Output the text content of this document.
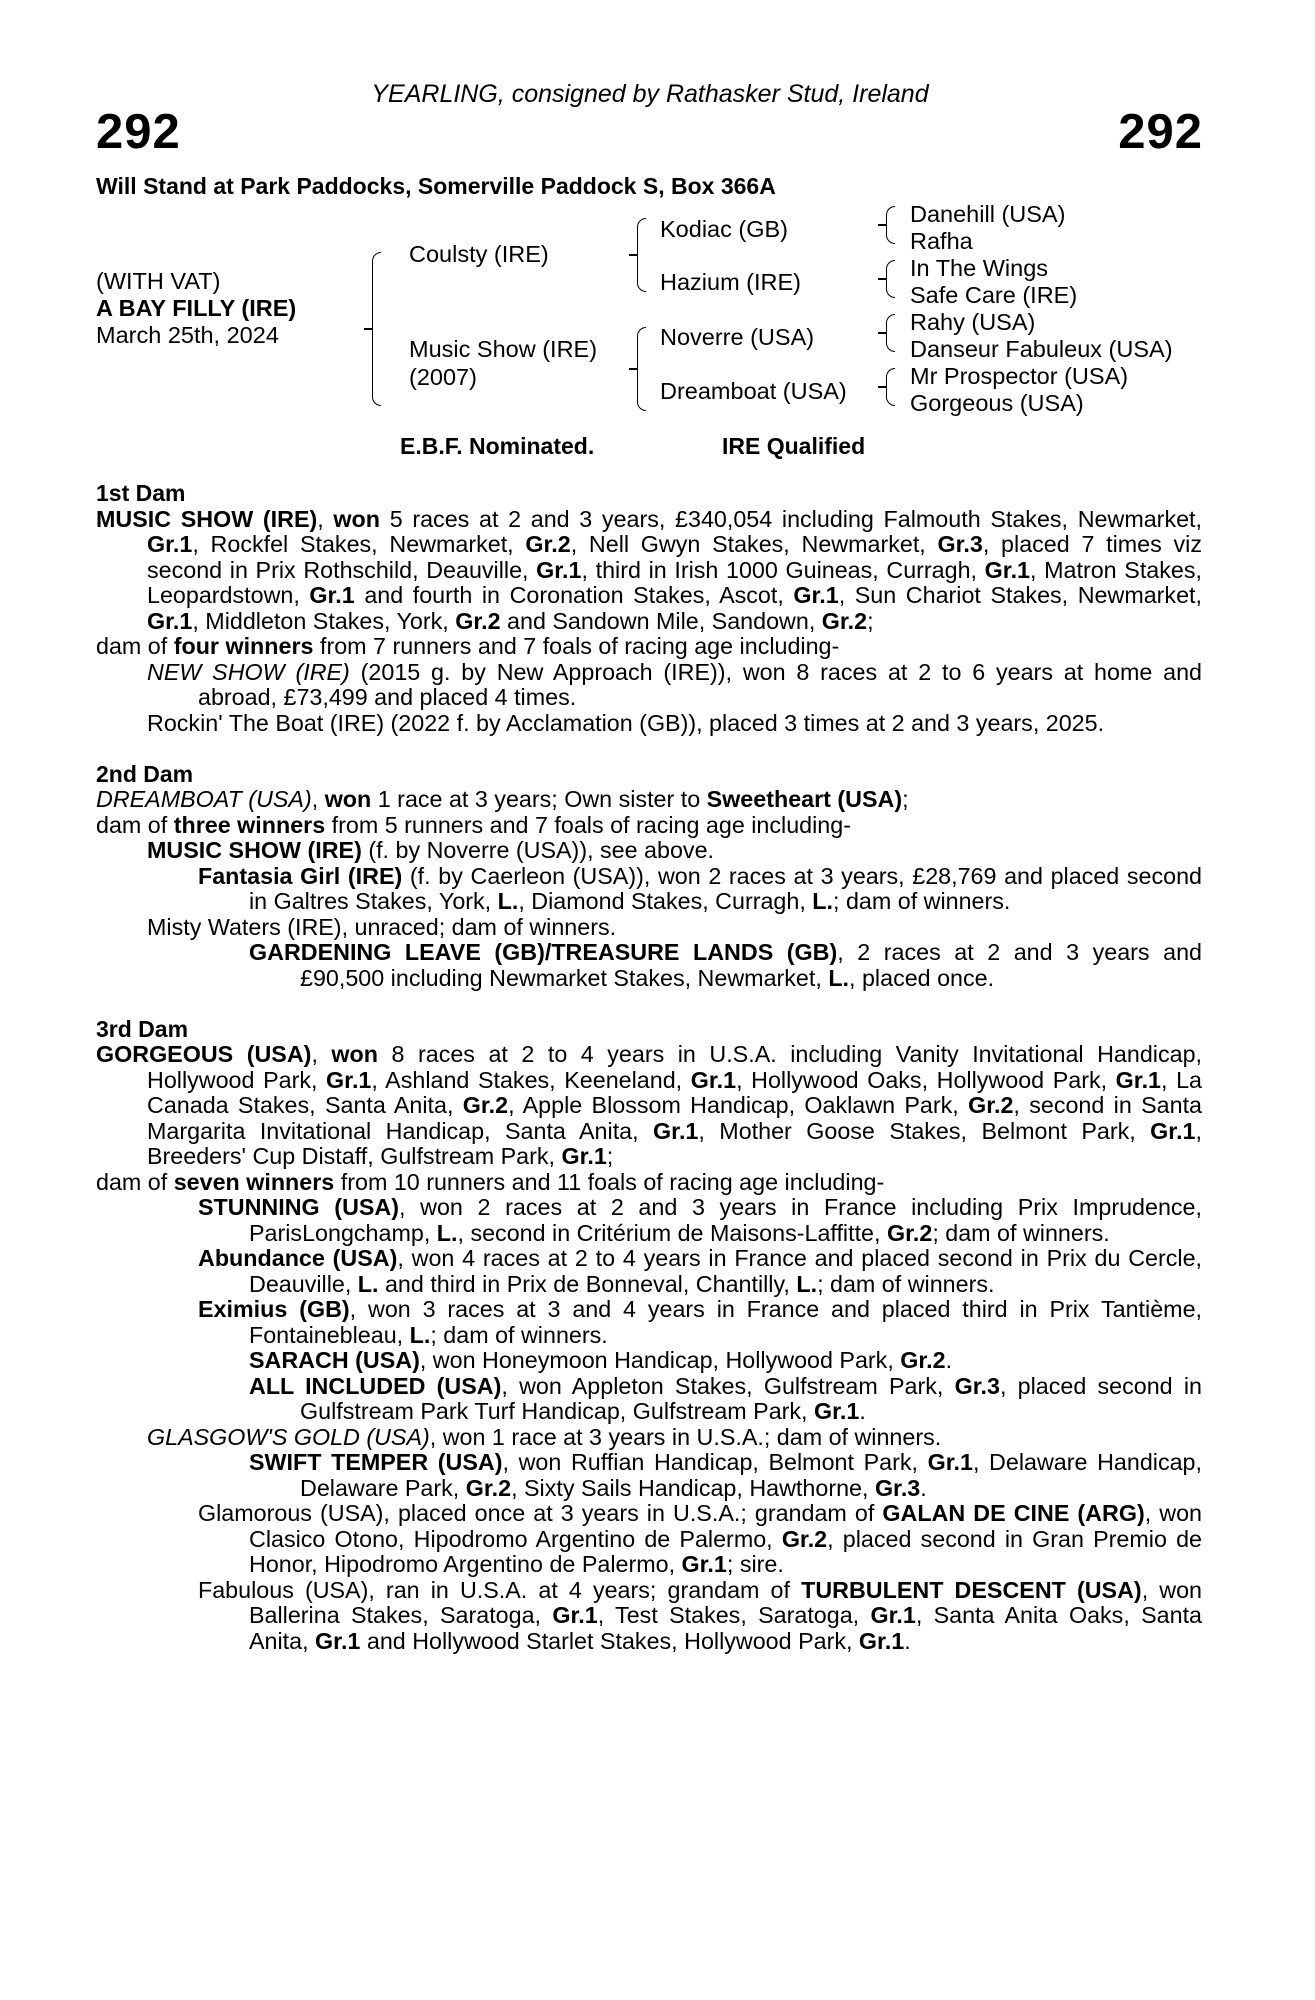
YEARLING, consigned by Rathasker Stud, Ireland
292	292
Will Stand at Park Paddocks, Somerville Paddock S, Box 366A
(WITH VAT)
A BAY FILLY (IRE)
March 25th, 2024
Coulsty (IRE)
Music Show (IRE)
(2007)
Kodiac (GB)
Hazium (IRE)
Noverre (USA)
Dreamboat (USA)
Danehill (USA)
Rafha
In The Wings
Safe Care (IRE)
Rahy (USA)
Danseur Fabuleux (USA)
Mr Prospector (USA)
Gorgeous (USA)
E.B.F. Nominated.	IRE Qualified

1st Dam

MUSIC SHOW (IRE), won 5 races at 2 and 3 years, £340,054 including Falmouth Stakes, Newmarket, Gr.1, Rockfel Stakes, Newmarket, Gr.2, Nell Gwyn Stakes, Newmarket, Gr.3, placed 7 times viz second in Prix Rothschild, Deauville, Gr.1, third in Irish 1000 Guineas, Curragh, Gr.1, Matron Stakes, Leopardstown, Gr.1 and fourth in Coronation Stakes, Ascot, Gr.1, Sun Chariot Stakes, Newmarket, Gr.1, Middleton Stakes, York, Gr.2 and Sandown Mile, Sandown, Gr.2;

dam of four winners from 7 runners and 7 foals of racing age including-

NEW SHOW (IRE) (2015 g. by New Approach (IRE)), won 8 races at 2 to 6 years at home and abroad, £73,499 and placed 4 times.

Rockin' The Boat (IRE) (2022 f. by Acclamation (GB)), placed 3 times at 2 and 3 years, 2025.

2nd Dam

DREAMBOAT (USA), won 1 race at 3 years; Own sister to Sweetheart (USA);

dam of three winners from 5 runners and 7 foals of racing age including-

MUSIC SHOW (IRE) (f. by Noverre (USA)), see above.

Fantasia Girl (IRE) (f. by Caerleon (USA)), won 2 races at 3 years, £28,769 and placed second in Galtres Stakes, York, L., Diamond Stakes, Curragh, L.; dam of winners.

Misty Waters (IRE), unraced; dam of winners.

GARDENING LEAVE (GB)/TREASURE LANDS (GB), 2 races at 2 and 3 years and £90,500 including Newmarket Stakes, Newmarket, L., placed once.

3rd Dam

GORGEOUS (USA), won 8 races at 2 to 4 years in U.S.A. including Vanity Invitational Handicap, Hollywood Park, Gr.1, Ashland Stakes, Keeneland, Gr.1, Hollywood Oaks, Hollywood Park, Gr.1, La Canada Stakes, Santa Anita, Gr.2, Apple Blossom Handicap, Oaklawn Park, Gr.2, second in Santa Margarita Invitational Handicap, Santa Anita, Gr.1, Mother Goose Stakes, Belmont Park, Gr.1, Breeders' Cup Distaff, Gulfstream Park, Gr.1;

dam of seven winners from 10 runners and 11 foals of racing age including-

STUNNING (USA), won 2 races at 2 and 3 years in France including Prix Imprudence, ParisLongchamp, L., second in Critérium de Maisons-Laffitte, Gr.2; dam of winners.

Abundance (USA), won 4 races at 2 to 4 years in France and placed second in Prix du Cercle, Deauville, L. and third in Prix de Bonneval, Chantilly, L.; dam of winners.

Eximius (GB), won 3 races at 3 and 4 years in France and placed third in Prix Tantième, Fontainebleau, L.; dam of winners.

SARACH (USA), won Honeymoon Handicap, Hollywood Park, Gr.2.

ALL INCLUDED (USA), won Appleton Stakes, Gulfstream Park, Gr.3, placed second in Gulfstream Park Turf Handicap, Gulfstream Park, Gr.1.

GLASGOW'S GOLD (USA), won 1 race at 3 years in U.S.A.; dam of winners.

SWIFT TEMPER (USA), won Ruffian Handicap, Belmont Park, Gr.1, Delaware Handicap, Delaware Park, Gr.2, Sixty Sails Handicap, Hawthorne, Gr.3.

Glamorous (USA), placed once at 3 years in U.S.A.; grandam of GALAN DE CINE (ARG), won Clasico Otono, Hipodromo Argentino de Palermo, Gr.2, placed second in Gran Premio de Honor, Hipodromo Argentino de Palermo, Gr.1; sire.

Fabulous (USA), ran in U.S.A. at 4 years; grandam of TURBULENT DESCENT (USA), won Ballerina Stakes, Saratoga, Gr.1, Test Stakes, Saratoga, Gr.1, Santa Anita Oaks, Santa Anita, Gr.1 and Hollywood Starlet Stakes, Hollywood Park, Gr.1.
